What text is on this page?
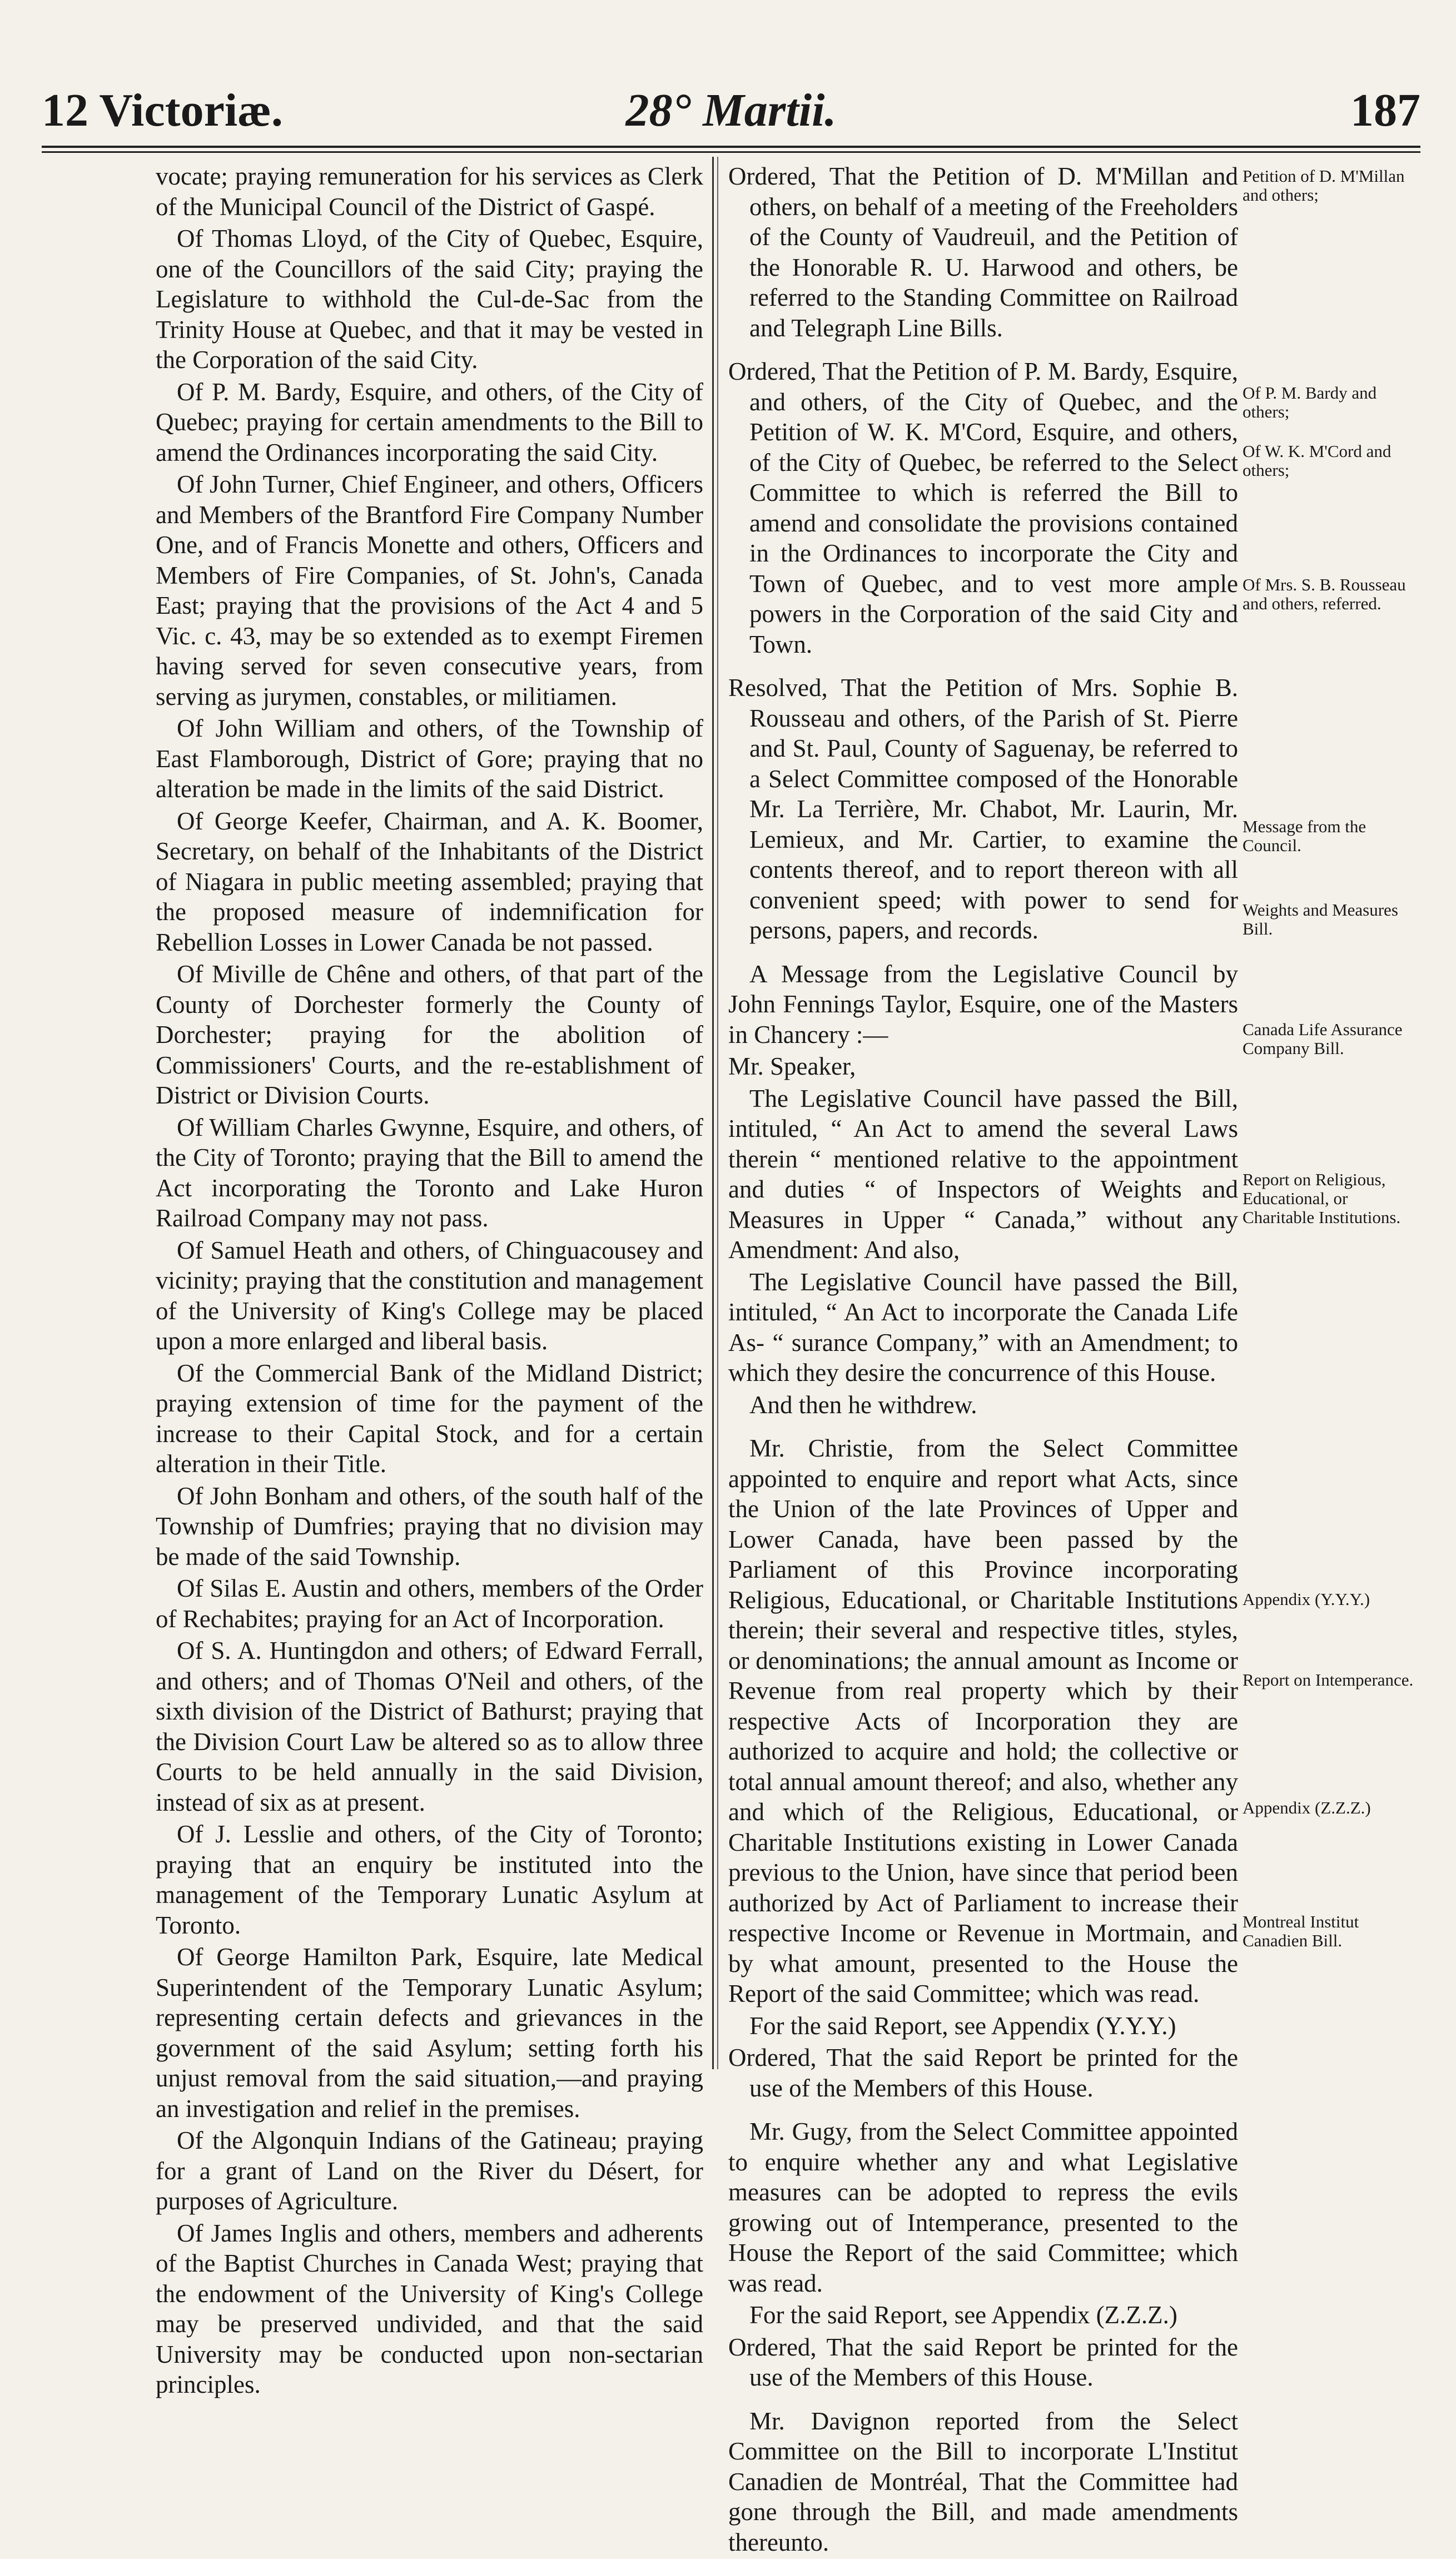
12 Victoriæ.	28° Martii.	187

vocate; praying remuneration for his services as Clerk of the Municipal Council of the District of Gaspé.

Of Thomas Lloyd, of the City of Quebec, Esquire, one of the Councillors of the said City; praying the Legislature to withhold the Cul-de-Sac from the Trinity House at Quebec, and that it may be vested in the Corporation of the said City.

Of P. M. Bardy, Esquire, and others, of the City of Quebec; praying for certain amendments to the Bill to amend the Ordinances incorporating the said City.

Of John Turner, Chief Engineer, and others, Officers and Members of the Brantford Fire Company Number One, and of Francis Monette and others, Officers and Members of Fire Companies, of St. John's, Canada East; praying that the provisions of the Act 4 and 5 Vic. c. 43, may be so extended as to exempt Firemen having served for seven consecutive years, from serving as jurymen, constables, or militiamen.

Of John William and others, of the Township of East Flamborough, District of Gore; praying that no alteration be made in the limits of the said District.

Of George Keefer, Chairman, and A. K. Boomer, Secretary, on behalf of the Inhabitants of the District of Niagara in public meeting assembled; praying that the proposed measure of indemnification for Rebellion Losses in Lower Canada be not passed.

Of Miville de Chêne and others, of that part of the County of Dorchester formerly the County of Dorchester; praying for the abolition of Commissioners' Courts, and the re-establishment of District or Division Courts.

Of William Charles Gwynne, Esquire, and others, of the City of Toronto; praying that the Bill to amend the Act incorporating the Toronto and Lake Huron Railroad Company may not pass.

Of Samuel Heath and others, of Chinguacousey and vicinity; praying that the constitution and management of the University of King's College may be placed upon a more enlarged and liberal basis.

Of the Commercial Bank of the Midland District; praying extension of time for the payment of the increase to their Capital Stock, and for a certain alteration in their Title.

Of John Bonham and others, of the south half of the Township of Dumfries; praying that no division may be made of the said Township.

Of Silas E. Austin and others, members of the Order of Rechabites; praying for an Act of Incorporation.

Of S. A. Huntingdon and others; of Edward Ferrall, and others; and of Thomas O'Neil and others, of the sixth division of the District of Bathurst; praying that the Division Court Law be altered so as to allow three Courts to be held annually in the said Division, instead of six as at present.

Of J. Lesslie and others, of the City of Toronto; praying that an enquiry be instituted into the management of the Temporary Lunatic Asylum at Toronto.

Of George Hamilton Park, Esquire, late Medical Superintendent of the Temporary Lunatic Asylum; representing certain defects and grievances in the government of the said Asylum; setting forth his unjust removal from the said situation,—and praying an investigation and relief in the premises.

Of the Algonquin Indians of the Gatineau; praying for a grant of Land on the River du Désert, for purposes of Agriculture.

Of James Inglis and others, members and adherents of the Baptist Churches in Canada West; praying that the endowment of the University of King's College may be preserved undivided, and that the said University may be conducted upon non-sectarian principles.

Ordered, That the Petition of D. M'Millan and others, on behalf of a meeting of the Freeholders of the County of Vaudreuil, and the Petition of the Honorable R. U. Harwood and others, be referred to the Standing Committee on Railroad and Telegraph Line Bills.

Ordered, That the Petition of P. M. Bardy, Esquire, and others, of the City of Quebec, and the Petition of W. K. M'Cord, Esquire, and others, of the City of Quebec, be referred to the Select Committee to which is referred the Bill to amend and consolidate the provisions contained in the Ordinances to incorporate the City and Town of Quebec, and to vest more ample powers in the Corporation of the said City and Town.

Resolved, That the Petition of Mrs. Sophie B. Rousseau and others, of the Parish of St. Pierre and St. Paul, County of Saguenay, be referred to a Select Committee composed of the Honorable Mr. La Terrière, Mr. Chabot, Mr. Laurin, Mr. Lemieux, and Mr. Cartier, to examine the contents thereof, and to report thereon with all convenient speed; with power to send for persons, papers, and records.

A Message from the Legislative Council by John Fennings Taylor, Esquire, one of the Masters in Chancery :—

Mr. Speaker,

The Legislative Council have passed the Bill, intituled, “ An Act to amend the several Laws therein “ mentioned relative to the appointment and duties “ of Inspectors of Weights and Measures in Upper “ Canada,” without any Amendment: And also,

The Legislative Council have passed the Bill, intituled, “ An Act to incorporate the Canada Life As- “ surance Company,” with an Amendment; to which they desire the concurrence of this House.

And then he withdrew.

Mr. Christie, from the Select Committee appointed to enquire and report what Acts, since the Union of the late Provinces of Upper and Lower Canada, have been passed by the Parliament of this Province incorporating Religious, Educational, or Charitable Institutions therein; their several and respective titles, styles, or denominations; the annual amount as Income or Revenue from real property which by their respective Acts of Incorporation they are authorized to acquire and hold; the collective or total annual amount thereof; and also, whether any and which of the Religious, Educational, or Charitable Institutions existing in Lower Canada previous to the Union, have since that period been authorized by Act of Parliament to increase their respective Income or Revenue in Mortmain, and by what amount, presented to the House the Report of the said Committee; which was read.

For the said Report, see Appendix (Y.Y.Y.)

Ordered, That the said Report be printed for the use of the Members of this House.

Mr. Gugy, from the Select Committee appointed to enquire whether any and what Legislative measures can be adopted to repress the evils growing out of Intemperance, presented to the House the Report of the said Committee; which was read.

For the said Report, see Appendix (Z.Z.Z.)

Ordered, That the said Report be printed for the use of the Members of this House.

Mr. Davignon reported from the Select Committee on the Bill to incorporate L'Institut Canadien de Montréal, That the Committee had gone through the Bill, and made amendments thereunto.

Petition of D. M'Millan and others;
Of P. M. Bardy and others;
Of W. K. M'Cord and others;
Of Mrs. S. B. Rousseau and others, referred.
Message from the Council.
Weights and Measures Bill.
Canada Life Assurance Company Bill.
Report on Religious, Educational, or Charitable Institutions.
Appendix (Y.Y.Y.)
Report on Intemperance.
Appendix (Z.Z.Z.)
Montreal Institut Canadien Bill.
